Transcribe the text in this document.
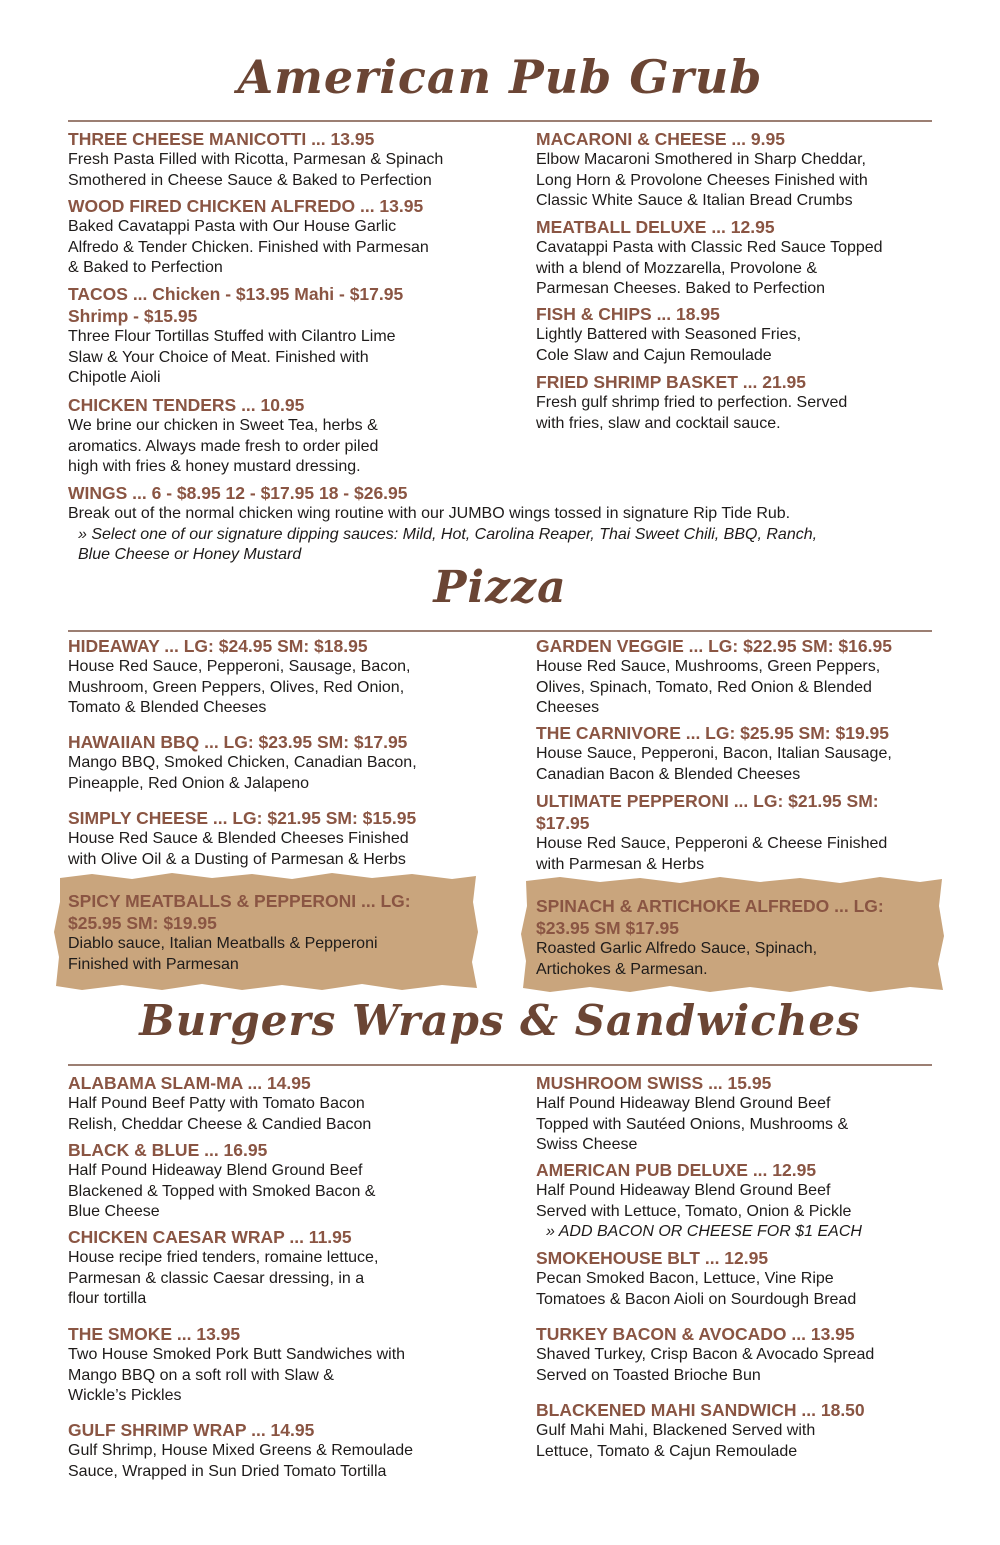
American Pub Grub
THREE CHEESE MANICOTTI ... 13.95
Fresh Pasta Filled with Ricotta, Parmesan & Spinach
Smothered in Cheese Sauce & Baked to Perfection
WOOD FIRED CHICKEN ALFREDO ... 13.95
Baked Cavatappi Pasta with Our House Garlic
Alfredo & Tender Chicken. Finished with Parmesan
& Baked to Perfection
TACOS ... Chicken - $13.95 Mahi - $17.95
Shrimp - $15.95
Three Flour Tortillas Stuffed with Cilantro Lime
Slaw & Your Choice of Meat. Finished with
Chipotle Aioli
CHICKEN TENDERS ... 10.95
We brine our chicken in Sweet Tea, herbs &
aromatics. Always made fresh to order piled
high with fries & honey mustard dressing.
MACARONI & CHEESE ... 9.95
Elbow Macaroni Smothered in Sharp Cheddar,
Long Horn & Provolone Cheeses Finished with
Classic White Sauce & Italian Bread Crumbs
MEATBALL DELUXE ... 12.95
Cavatappi Pasta with Classic Red Sauce Topped
with a blend of Mozzarella, Provolone &
Parmesan Cheeses. Baked to Perfection
FISH & CHIPS ... 18.95
Lightly Battered with Seasoned Fries,
Cole Slaw and Cajun Remoulade
FRIED SHRIMP BASKET ... 21.95
Fresh gulf shrimp fried to perfection. Served
with fries, slaw and cocktail sauce.
WINGS ... 6 - $8.95 12 - $17.95 18 - $26.95
Break out of the normal chicken wing routine with our JUMBO wings tossed in signature Rip Tide Rub.
» Select one of our signature dipping sauces: Mild, Hot, Carolina Reaper, Thai Sweet Chili, BBQ, Ranch,
Blue Cheese or Honey Mustard
Pizza
HIDEAWAY ... LG: $24.95 SM: $18.95
House Red Sauce, Pepperoni, Sausage, Bacon,
Mushroom, Green Peppers, Olives, Red Onion,
Tomato & Blended Cheeses
HAWAIIAN BBQ ... LG: $23.95 SM: $17.95
Mango BBQ, Smoked Chicken, Canadian Bacon,
Pineapple, Red Onion & Jalapeno
SIMPLY CHEESE ... LG: $21.95 SM: $15.95
House Red Sauce & Blended Cheeses Finished
with Olive Oil & a Dusting of Parmesan & Herbs
SPICY MEATBALLS & PEPPERONI ... LG:
$25.95 SM: $19.95
Diablo sauce, Italian Meatballs & Pepperoni
Finished with Parmesan
GARDEN VEGGIE ... LG: $22.95 SM: $16.95
House Red Sauce, Mushrooms, Green Peppers,
Olives, Spinach, Tomato, Red Onion & Blended
Cheeses
THE CARNIVORE ... LG: $25.95 SM: $19.95
House Sauce, Pepperoni, Bacon, Italian Sausage,
Canadian Bacon & Blended Cheeses
ULTIMATE PEPPERONI ... LG: $21.95 SM:
$17.95
House Red Sauce, Pepperoni & Cheese Finished
with Parmesan & Herbs
SPINACH & ARTICHOKE ALFREDO ... LG:
$23.95 SM $17.95
Roasted Garlic Alfredo Sauce, Spinach,
Artichokes & Parmesan.
Burgers Wraps & Sandwiches
ALABAMA SLAM-MA ... 14.95
Half Pound Beef Patty with Tomato Bacon
Relish, Cheddar Cheese & Candied Bacon
BLACK & BLUE ... 16.95
Half Pound Hideaway Blend Ground Beef
Blackened & Topped with Smoked Bacon &
Blue Cheese
CHICKEN CAESAR WRAP ... 11.95
House recipe fried tenders, romaine lettuce,
Parmesan & classic Caesar dressing, in a
flour tortilla
THE SMOKE ... 13.95
Two House Smoked Pork Butt Sandwiches with
Mango BBQ on a soft roll with Slaw &
Wickle’s Pickles
GULF SHRIMP WRAP ... 14.95
Gulf Shrimp, House Mixed Greens & Remoulade
Sauce, Wrapped in Sun Dried Tomato Tortilla
MUSHROOM SWISS ... 15.95
Half Pound Hideaway Blend Ground Beef
Topped with Sautéed Onions, Mushrooms &
Swiss Cheese
AMERICAN PUB DELUXE ... 12.95
Half Pound Hideaway Blend Ground Beef
Served with Lettuce, Tomato, Onion & Pickle
» ADD BACON OR CHEESE FOR $1 EACH
SMOKEHOUSE BLT ... 12.95
Pecan Smoked Bacon, Lettuce, Vine Ripe
Tomatoes & Bacon Aioli on Sourdough Bread
TURKEY BACON & AVOCADO ... 13.95
Shaved Turkey, Crisp Bacon & Avocado Spread
Served on Toasted Brioche Bun
BLACKENED MAHI SANDWICH ... 18.50
Gulf Mahi Mahi, Blackened Served with
Lettuce, Tomato & Cajun Remoulade
